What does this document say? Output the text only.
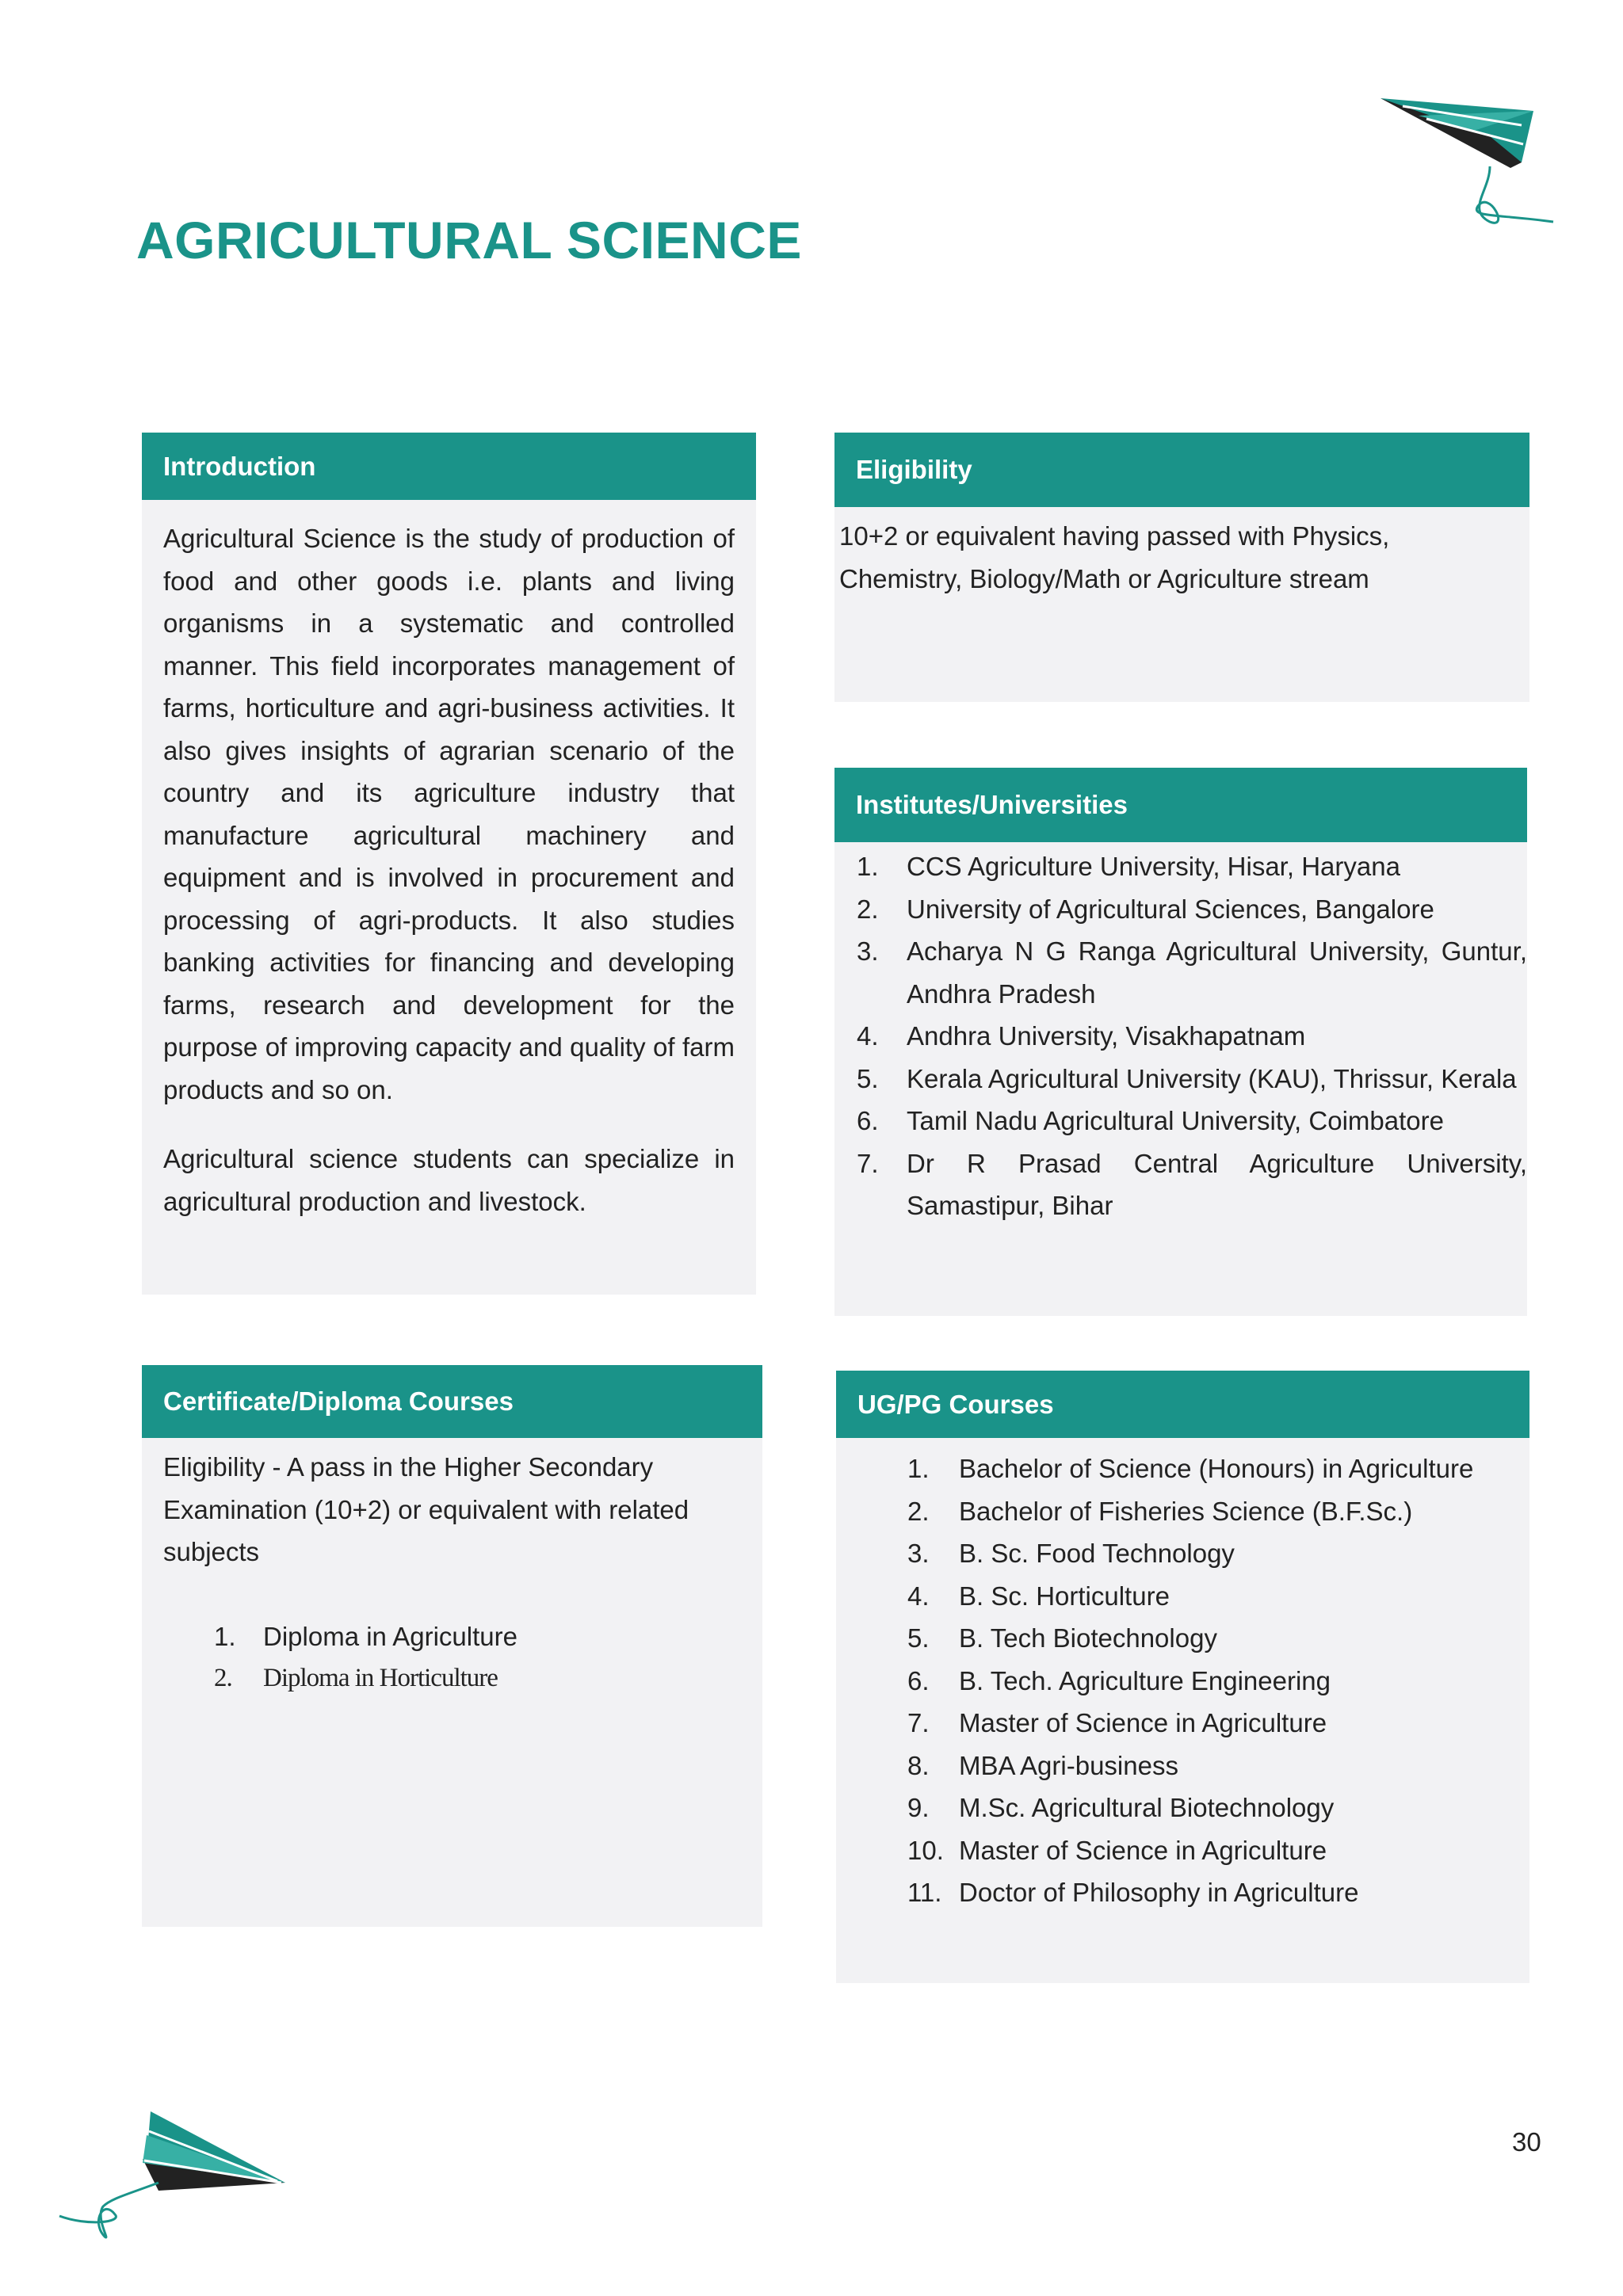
AGRICULTURAL SCIENCE
Introduction

Agricultural Science is the study of production of food and other goods i.e. plants and living organisms in a systematic and controlled manner. This field incorporates management of farms, horticulture and agri-business activities. It also gives insights of agrarian scenario of the country and its agriculture industry that manufacture agricultural machinery and equipment and is involved in procurement and processing of agri-products. It also studies banking activities for financing and developing farms, research and development for the purpose of improving capacity and quality of farm products and so on.

Agricultural science students can specialize in agricultural production and livestock.

Eligibility

10+2 or equivalent having passed with Physics, Chemistry, Biology/Math or Agriculture stream

Institutes/Universities
1.	CCS Agriculture University, Hisar, Haryana
2.	University of Agricultural Sciences, Bangalore
3.	Acharya N G Ranga Agricultural University, Guntur, Andhra Pradesh
4.	Andhra University, Visakhapatnam
5.	Kerala Agricultural University (KAU), Thrissur, Kerala
6.	Tamil Nadu Agricultural University, Coimbatore
7.	Dr R Prasad Central Agriculture University, Samastipur, Bihar
Certificate/Diploma Courses

Eligibility - A pass in the Higher Secondary Examination (10+2) or equivalent with related subjects

1.	Diploma in Agriculture
2.	Diploma in Horticulture
UG/PG Courses
1.	Bachelor of Science (Honours) in Agriculture
2.	Bachelor of Fisheries Science (B.F.Sc.)
3.	B. Sc. Food Technology
4.	B. Sc. Horticulture
5.	B. Tech Biotechnology
6.	B. Tech. Agriculture Engineering
7.	Master of Science in Agriculture
8.	MBA Agri-business
9.	M.Sc. Agricultural Biotechnology
10. Master of Science in Agriculture
11. Doctor of Philosophy in Agriculture
30
